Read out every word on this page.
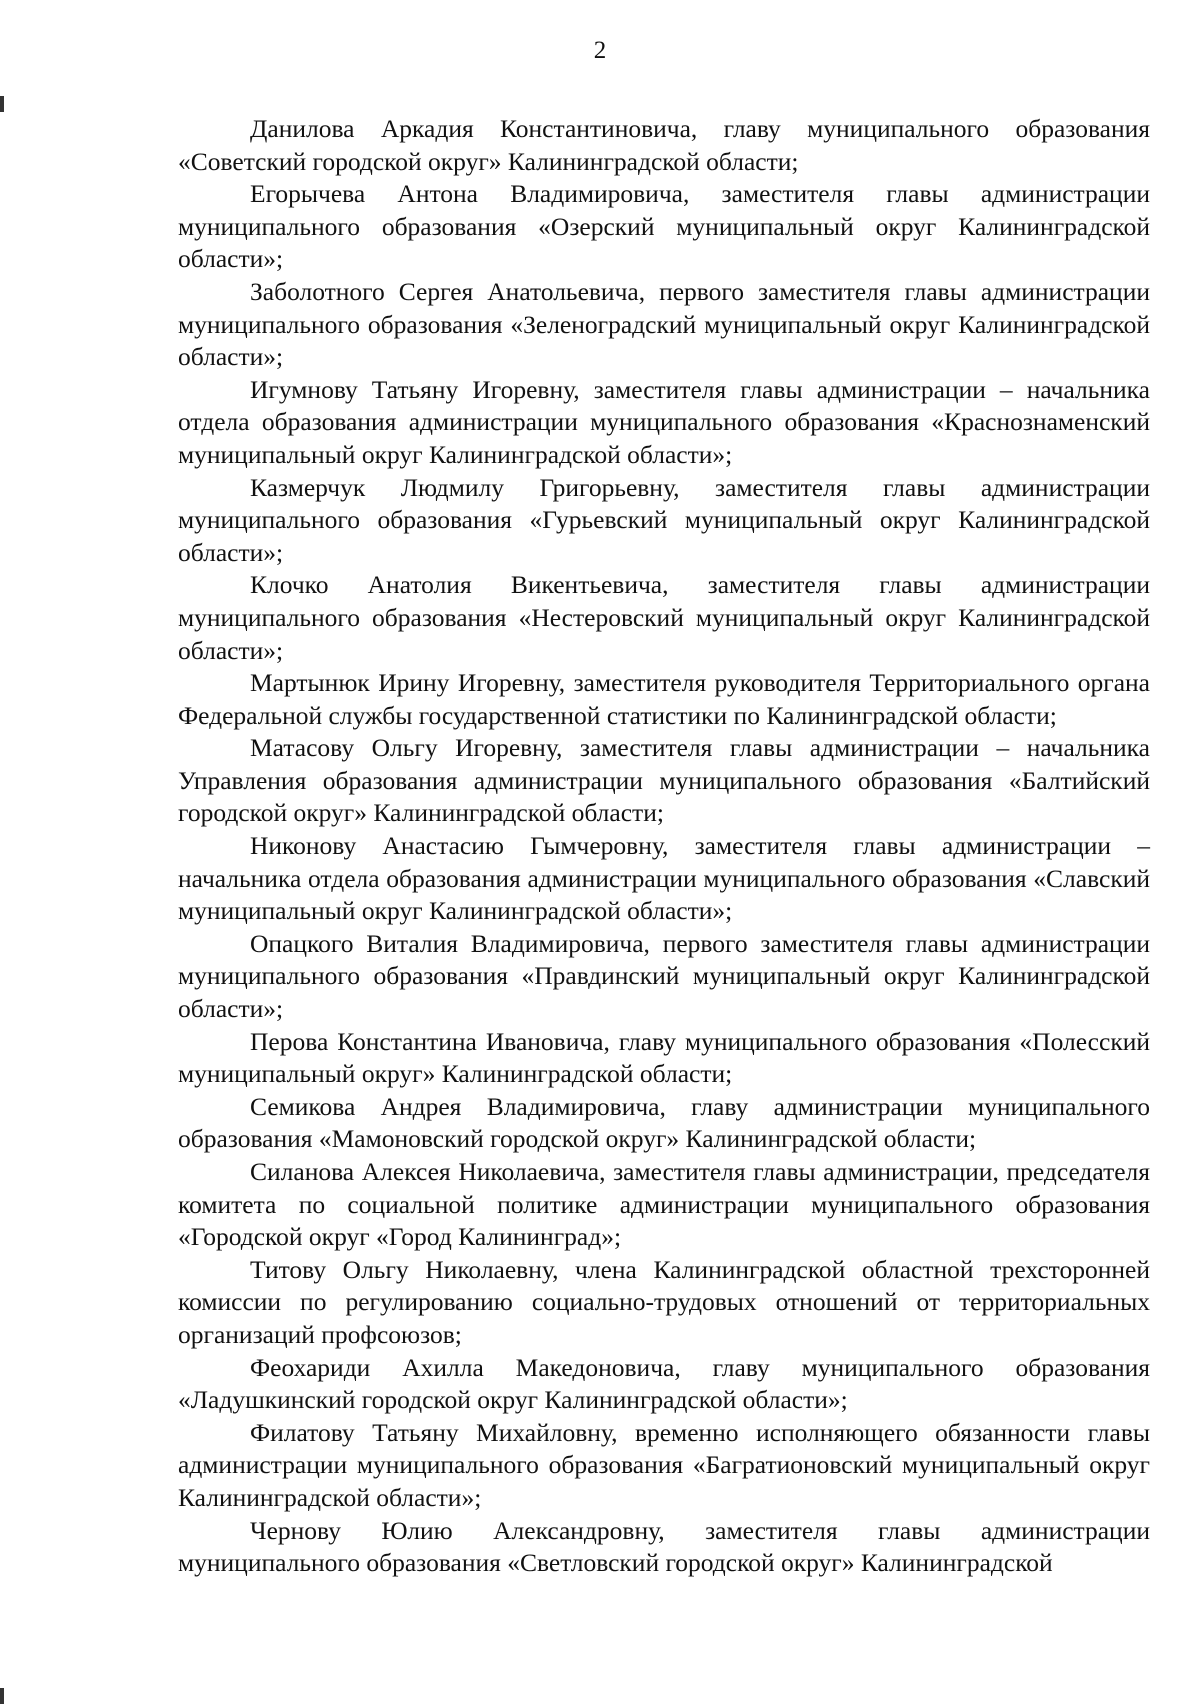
2

Данилова Аркадия Константиновича, главу муниципального образования «Советский городской округ» Калининградской области;

Егорычева Антона Владимировича, заместителя главы администрации муниципального образования «Озерский муниципальный округ Калининградской области»;

Заболотного Сергея Анатольевича, первого заместителя главы администрации муниципального образования «Зеленоградский муниципальный округ Калининградской области»;

Игумнову Татьяну Игоревну, заместителя главы администрации – начальника отдела образования администрации муниципального образования «Краснознаменский муниципальный округ Калининградской области»;

Казмерчук Людмилу Григорьевну, заместителя главы администрации муниципального образования «Гурьевский муниципальный округ Калининградской области»;

Клочко Анатолия Викентьевича, заместителя главы администрации муниципального образования «Нестеровский муниципальный округ Калининградской области»;

Мартынюк Ирину Игоревну, заместителя руководителя Территориального органа Федеральной службы государственной статистики по Калининградской области;

Матасову Ольгу Игоревну, заместителя главы администрации – начальника Управления образования администрации муниципального образования «Балтийский городской округ» Калининградской области;

Никонову Анастасию Гымчеровну, заместителя главы администрации – начальника отдела образования администрации муниципального образования «Славский муниципальный округ Калининградской области»;

Опацкого Виталия Владимировича, первого заместителя главы администрации муниципального образования «Правдинский муниципальный округ Калининградской области»;

Перова Константина Ивановича, главу муниципального образования «Полесский муниципальный округ» Калининградской области;

Семикова Андрея Владимировича, главу администрации муниципального образования «Мамоновский городской округ» Калининградской области;

Силанова Алексея Николаевича, заместителя главы администрации, председателя комитета по социальной политике администрации муниципального образования «Городской округ «Город Калининград»;

Титову Ольгу Николаевну, члена Калининградской областной трехсторонней комиссии по регулированию социально-трудовых отношений от территориальных организаций профсоюзов;

Феохариди Ахилла Македоновича, главу муниципального образования «Ладушкинский городской округ Калининградской области»;

Филатову Татьяну Михайловну, временно исполняющего обязанности главы администрации муниципального образования «Багратионовский муниципальный округ Калининградской области»;

Чернову Юлию Александровну, заместителя главы администрации муниципального образования «Светловский городской округ» Калининградской
